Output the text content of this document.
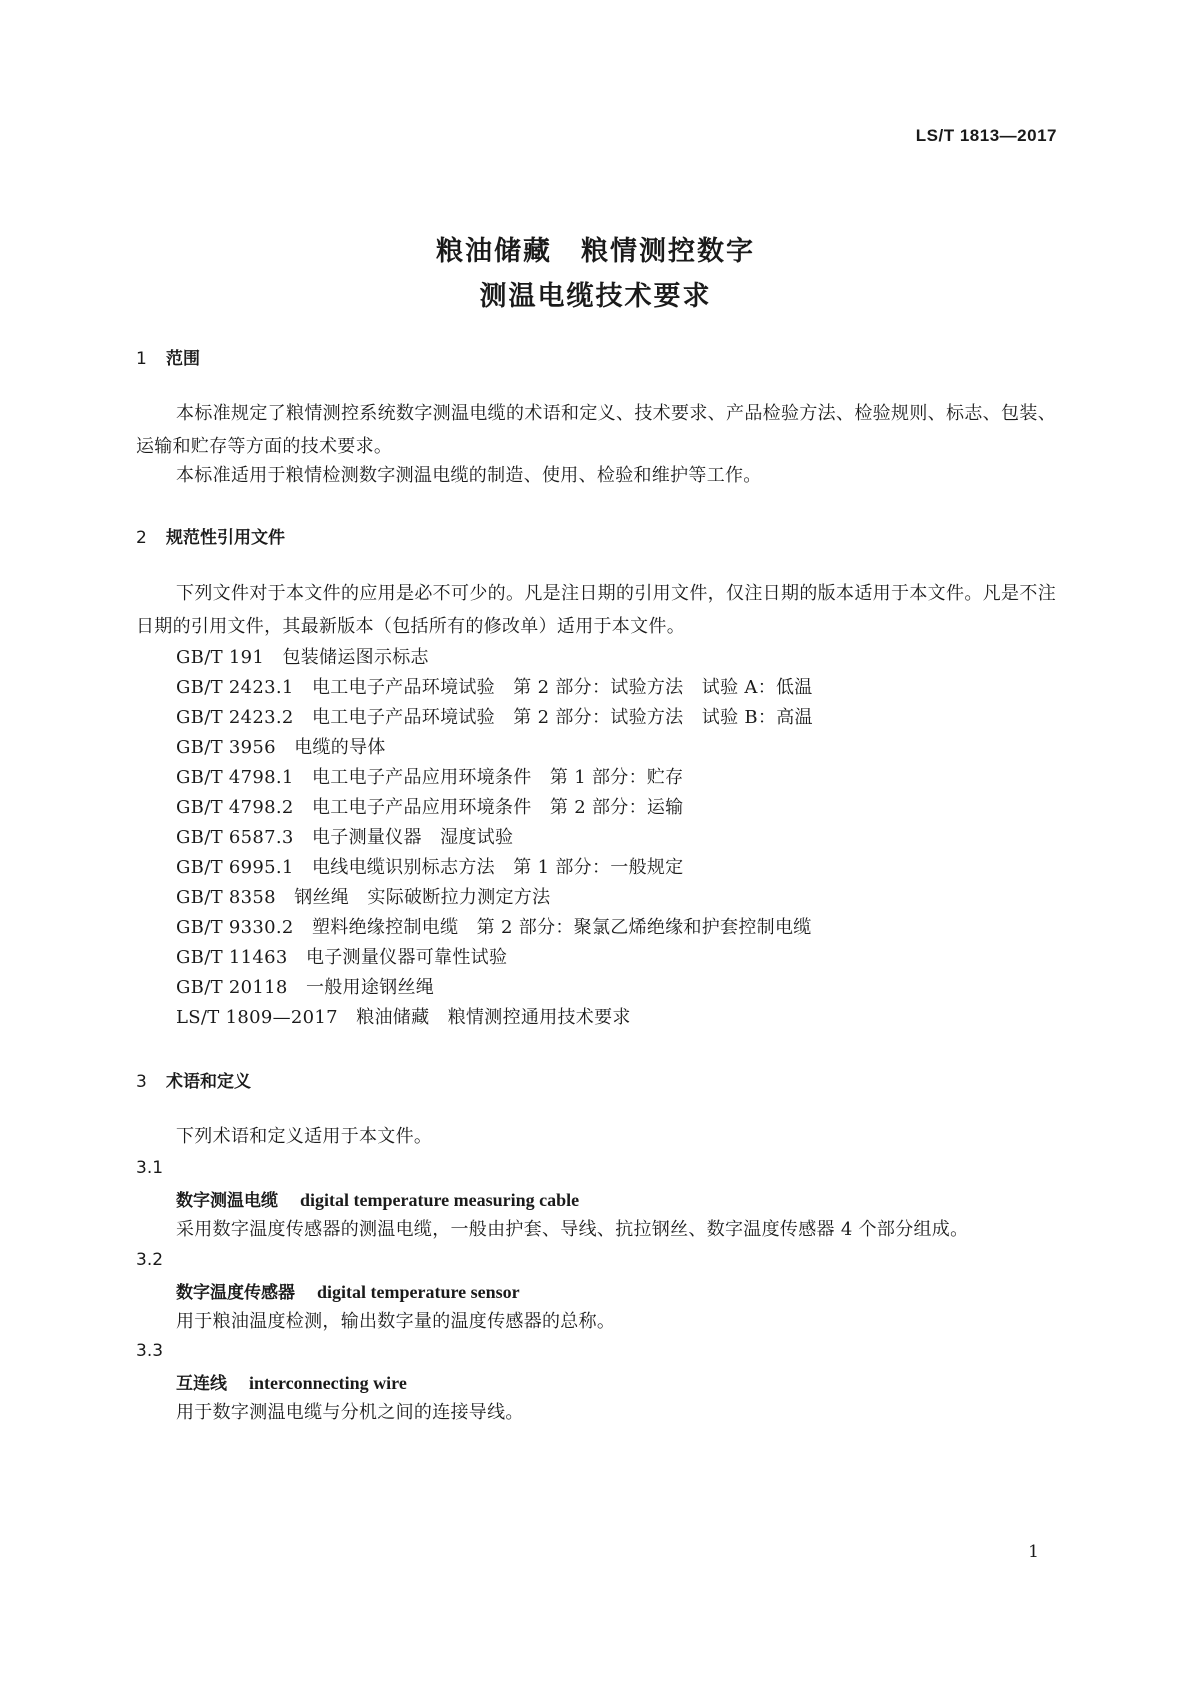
LS/T 1813—2017
粮油储藏　粮情测控数字
测温电缆技术要求
1 范围
本标准规定了粮情测控系统数字测温电缆的术语和定义、技术要求、产品检验方法、检验规则、标志、包装、运输和贮存等方面的技术要求。
本标准适用于粮情检测数字测温电缆的制造、使用、检验和维护等工作。
2 规范性引用文件
下列文件对于本文件的应用是必不可少的。凡是注日期的引用文件，仅注日期的版本适用于本文件。凡是不注日期的引用文件，其最新版本（包括所有的修改单）适用于本文件。
GB/T 191　包装储运图示标志
GB/T 2423.1　电工电子产品环境试验　第 2 部分：试验方法　试验 A：低温
GB/T 2423.2　电工电子产品环境试验　第 2 部分：试验方法　试验 B：高温
GB/T 3956　电缆的导体
GB/T 4798.1　电工电子产品应用环境条件　第 1 部分：贮存
GB/T 4798.2　电工电子产品应用环境条件　第 2 部分：运输
GB/T 6587.3　电子测量仪器　湿度试验
GB/T 6995.1　电线电缆识别标志方法　第 1 部分：一般规定
GB/T 8358　钢丝绳　实际破断拉力测定方法
GB/T 9330.2　塑料绝缘控制电缆　第 2 部分：聚氯乙烯绝缘和护套控制电缆
GB/T 11463　电子测量仪器可靠性试验
GB/T 20118　一般用途钢丝绳
LS/T 1809—2017　粮油储藏　粮情测控通用技术要求
3 术语和定义
下列术语和定义适用于本文件。
3.1
数字测温电缆 digital temperature measuring cable
采用数字温度传感器的测温电缆，一般由护套、导线、抗拉钢丝、数字温度传感器 4 个部分组成。
3.2
数字温度传感器 digital temperature sensor
用于粮油温度检测，输出数字量的温度传感器的总称。
3.3
互连线 interconnecting wire
用于数字测温电缆与分机之间的连接导线。
1
